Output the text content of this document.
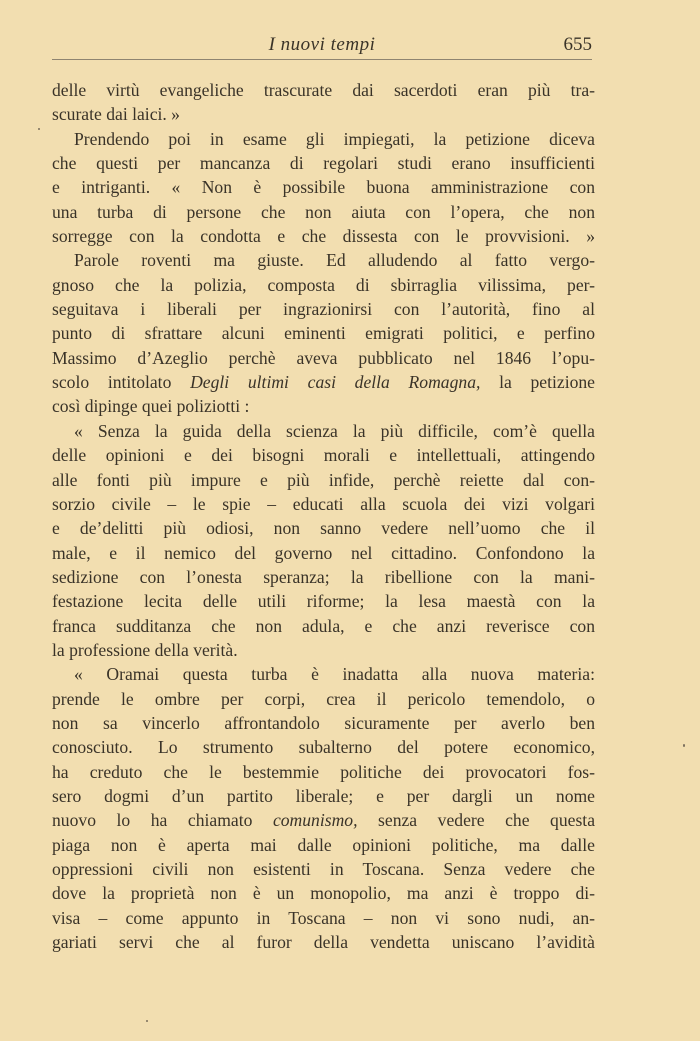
I nuovi tempi	655

delle virtù evangeliche trascurate dai sacerdoti eran più tra-
scurate dai laici. »

Prendendo poi in esame gli impiegati, la petizione diceva
che questi per mancanza di regolari studi erano insufficienti
e intriganti. « Non è possibile buona amministrazione con
una turba di persone che non aiuta con l’opera, che non
sorregge con la condotta e che dissesta con le provvisioni. »

Parole roventi ma giuste. Ed alludendo al fatto vergo-
gnoso che la polizia, composta di sbirraglia vilissima, per-
seguitava i liberali per ingrazionirsi con l’autorità, fino al
punto di sfrattare alcuni eminenti emigrati politici, e perfino
Massimo d’Azeglio perchè aveva pubblicato nel 1846 l’opu-
scolo intitolato Degli ultimi casi della Romagna, la petizione
così dipinge quei poliziotti :

« Senza la guida della scienza la più difficile, com’è quella
delle opinioni e dei bisogni morali e intellettuali, attingendo
alle fonti più impure e più infide, perchè reiette dal con-
sorzio civile – le spie – educati alla scuola dei vizi volgari
e de’delitti più odiosi, non sanno vedere nell’uomo che il
male, e il nemico del governo nel cittadino. Confondono la
sedizione con l’onesta speranza; la ribellione con la mani-
festazione lecita delle utili riforme; la lesa maestà con la
franca sudditanza che non adula, e che anzi reverisce con
la professione della verità.

« Oramai questa turba è inadatta alla nuova materia:
prende le ombre per corpi, crea il pericolo temendolo, o
non sa vincerlo affrontandolo sicuramente per averlo ben
conosciuto. Lo strumento subalterno del potere economico,
ha creduto che le bestemmie politiche dei provocatori fos-
sero dogmi d’un partito liberale; e per dargli un nome
nuovo lo ha chiamato comunismo, senza vedere che questa
piaga non è aperta mai dalle opinioni politiche, ma dalle
oppressioni civili non esistenti in Toscana. Senza vedere che
dove la proprietà non è un monopolio, ma anzi è troppo di-
visa – come appunto in Toscana – non vi sono nudi, an-
gariati servi che al furor della vendetta uniscano l’avidità
